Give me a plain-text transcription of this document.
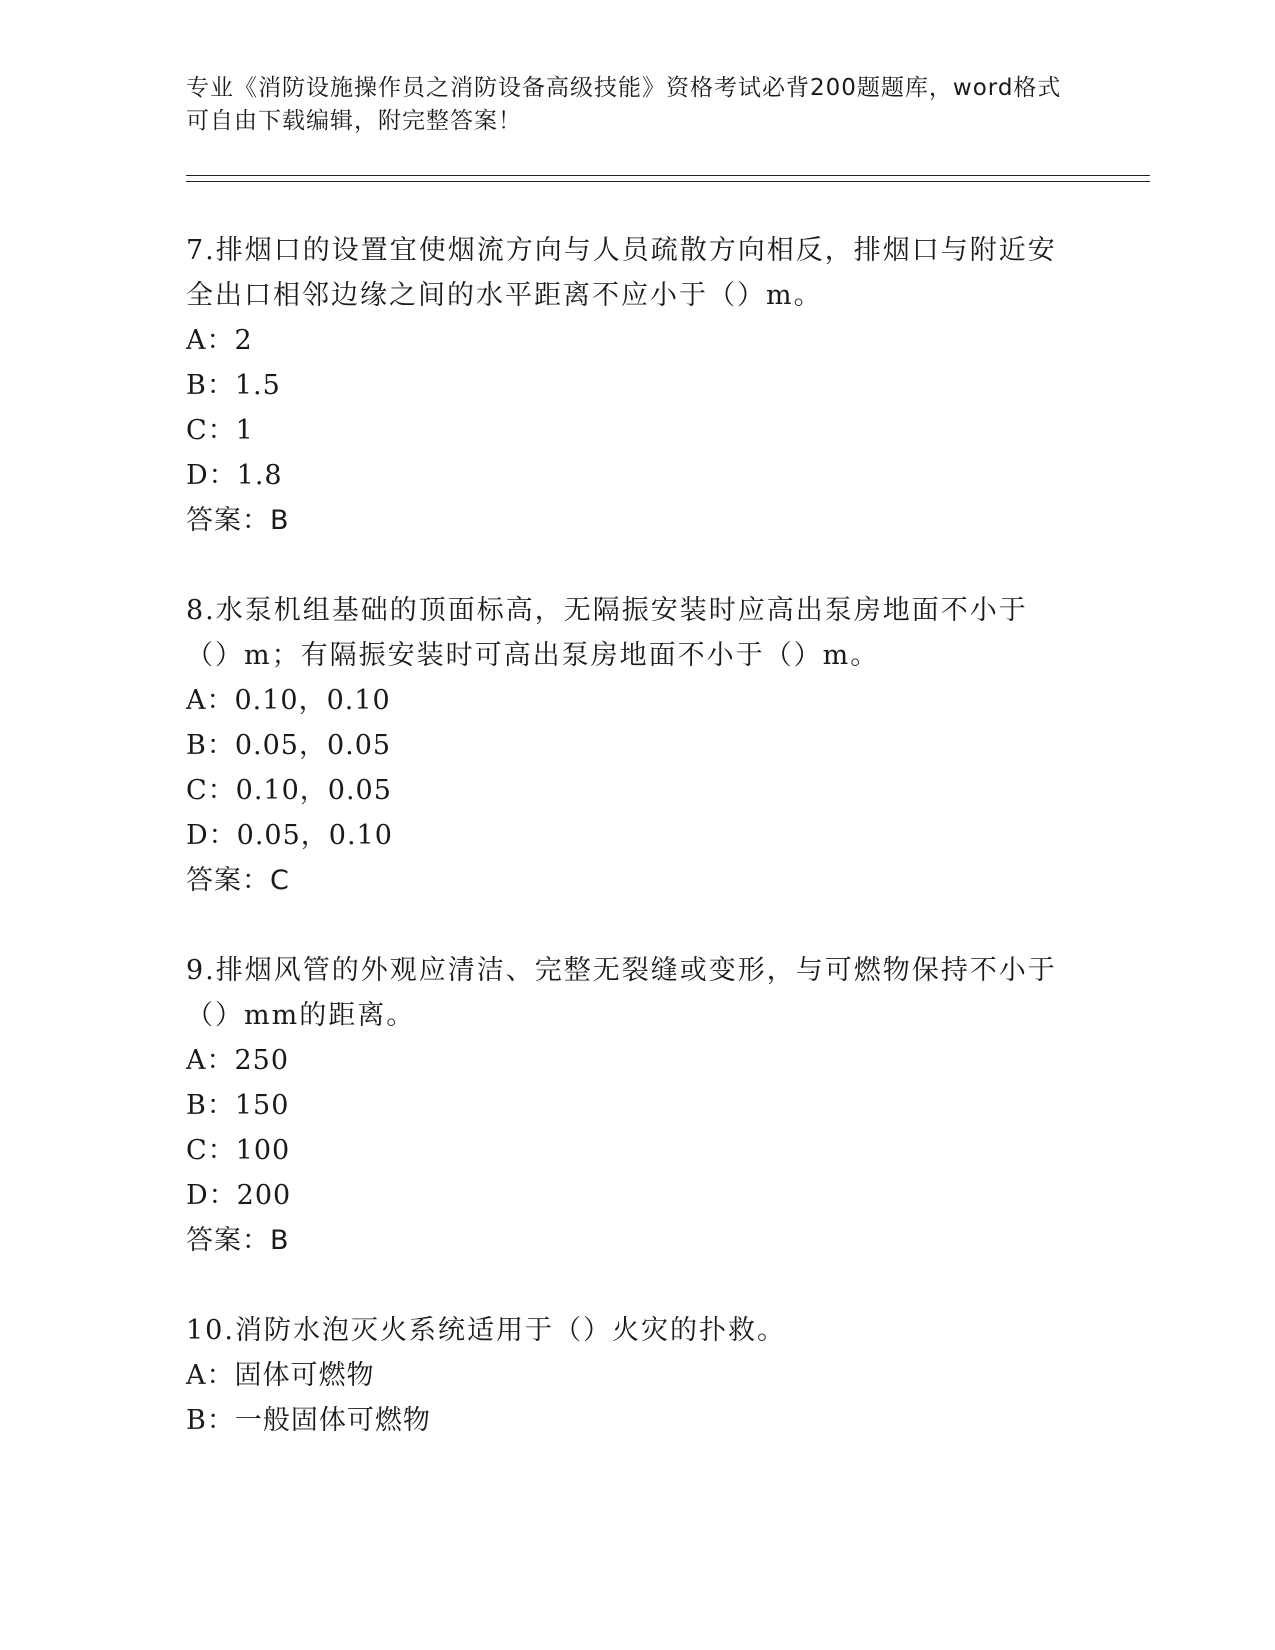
专业《消防设施操作员之消防设备高级技能》资格考试必背200题题库，word格式可自由下载编辑，附完整答案！

7.排烟口的设置宜使烟流方向与人员疏散方向相反，排烟口与附近安全出口相邻边缘之间的水平距离不应小于（）m。

A：2
B：1.5
C：1
D：1.8
答案：B

8.水泵机组基础的顶面标高，无隔振安装时应高出泵房地面不小于（）m；有隔振安装时可高出泵房地面不小于（）m。

A：0.10，0.10
B：0.05，0.05
C：0.10，0.05
D：0.05，0.10
答案：C

9.排烟风管的外观应清洁、完整无裂缝或变形，与可燃物保持不小于（）mm的距离。

A：250
B：150
C：100
D：200
答案：B

10.消防水泡灭火系统适用于（）火灾的扑救。

A：固体可燃物
B：一般固体可燃物
